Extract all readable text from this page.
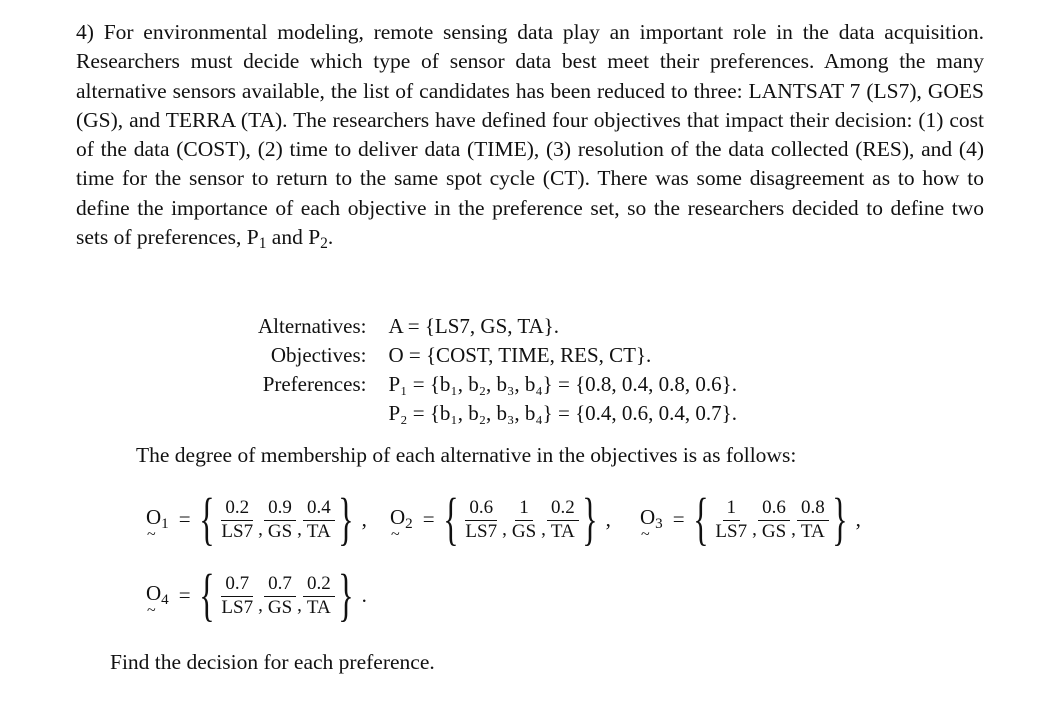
4) For environmental modeling, remote sensing data play an important role in the data acquisition. Researchers must decide which type of sensor data best meet their preferences. Among the many alternative sensors available, the list of candidates has been reduced to three: LANTSAT 7 (LS7), GOES (GS), and TERRA (TA). The researchers have defined four objectives that impact their decision: (1) cost of the data (COST), (2) time to deliver data (TIME), (3) resolution of the data collected (RES), and (4) time for the sensor to return to the same spot cycle (CT). There was some disagreement as to how to define the importance of each objective in the preference set, so the researchers decided to define two sets of preferences, $P_1$ and $P_2$.
Alternatives:	A = {LS7, GS, TA}.
Objectives:	O = {COST, TIME, RES, CT}.
Preferences:	P₁ = {b₁, b₂, b₃, b₄} = {0.8, 0.4, 0.8, 0.6}.
	P₂ = {b₁, b₂, b₃, b₄} = {0.4, 0.6, 0.4, 0.7}.
The degree of membership of each alternative in the objectives is as follows:
$O_1$
~
= { $\frac{0.2}{LS7}$ , $\frac{0.9}{GS}$ , $\frac{0.4}{TA}$ } , $O_2$
~
= { $\frac{0.6}{LS7}$ , $\frac{1}{GS}$ , $\frac{0.2}{TA}$ } , $O_3$
~
= { $\frac{1}{LS7}$ , $\frac{0.6}{GS}$ , $\frac{0.8}{TA}$ } ,
$O_4$
~
= { $\frac{0.7}{LS7}$ , $\frac{0.7}{GS}$ , $\frac{0.2}{TA}$ } .
Find the decision for each preference.
